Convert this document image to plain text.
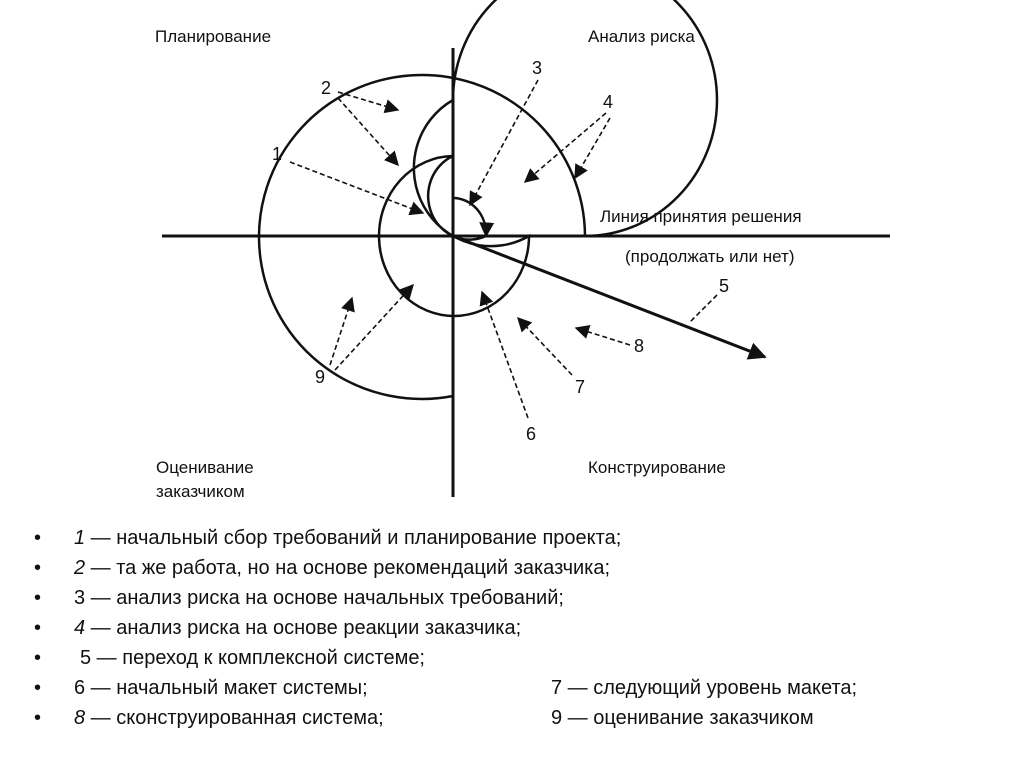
Планирование	Анализ риска
Оценивание
заказчиком
Конструирование
Линия принятия решения
(продолжать или нет)
1
2
3
4
5
6
7
8
9
• 1 — начальный сбор требований и планирование проекта;
• 2 — та же работа, но на основе рекомендаций заказчика;
• 3 — анализ риска на основе начальных требований;
• 4 — анализ риска на основе реакции заказчика;
• 5 — переход к комплексной системе;
• 6 — начальный макет системы;	7 — следующий уровень макета;
• 8 — сконструированная система;	9 — оценивание заказчиком
